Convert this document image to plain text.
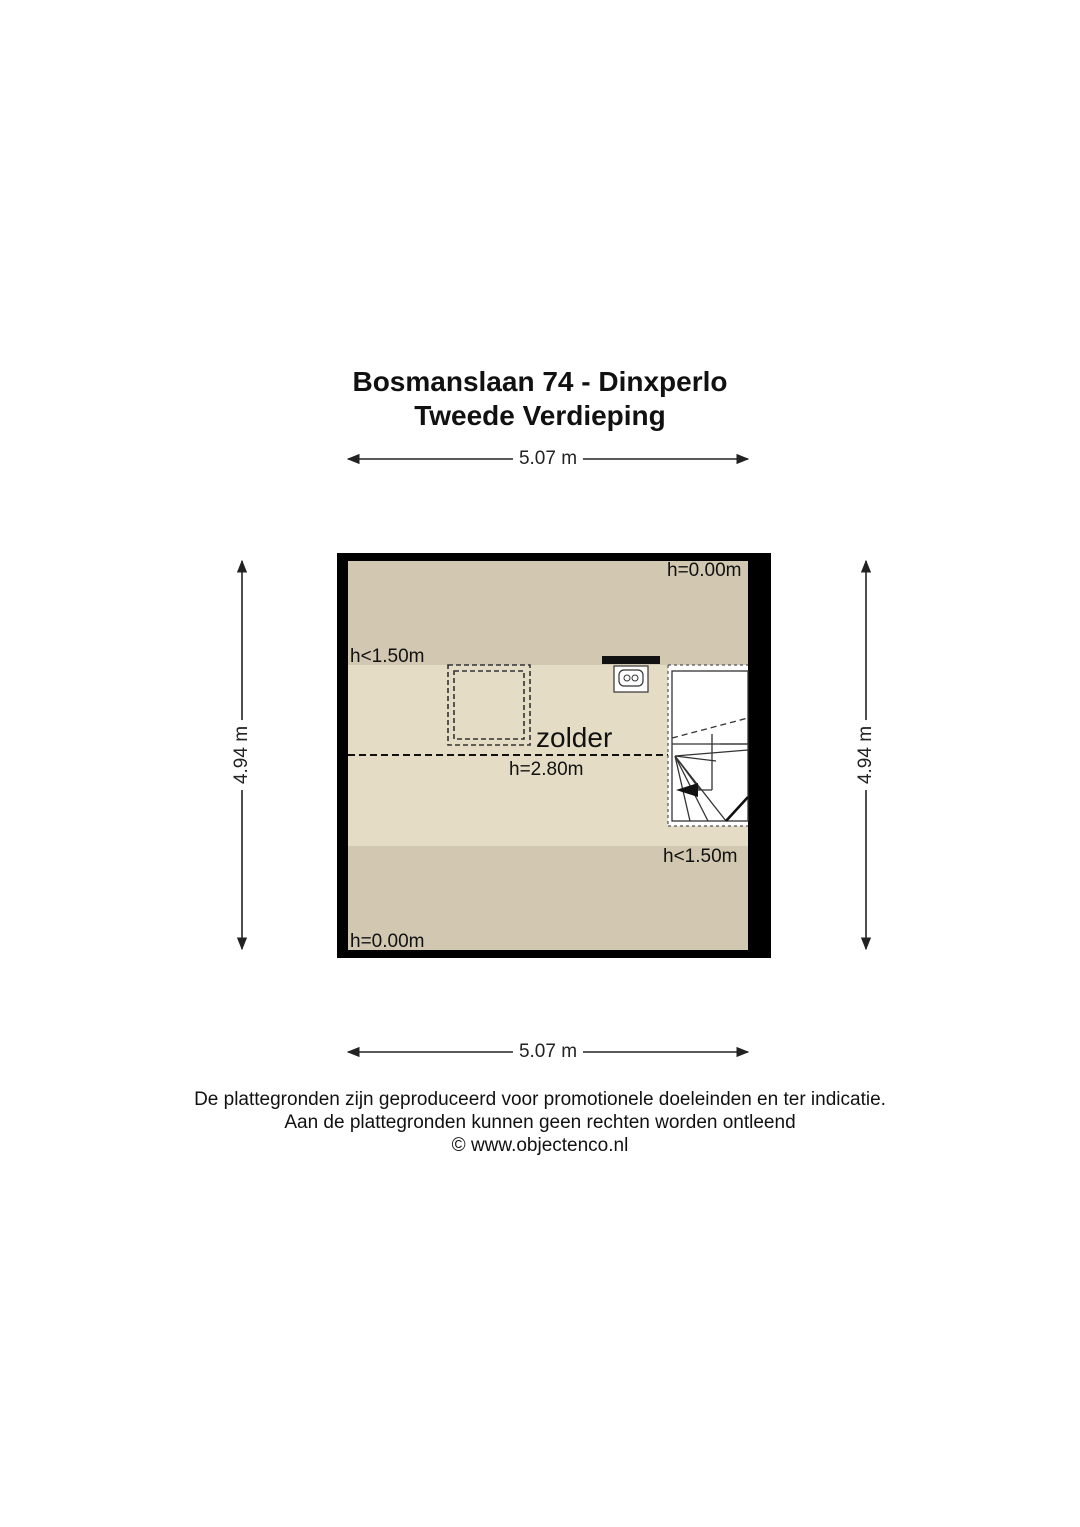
Bosmanslaan 74 - Dinxperlo
Tweede Verdieping
5.07 m
5.07 m
4.94 m	4.94 m
h=0.00m
h<1.50m
h<1.50m
h=0.00m
zolder
h=2.80m
De plattegronden zijn geproduceerd voor promotionele doeleinden en ter indicatie.
Aan de plattegronden kunnen geen rechten worden ontleend
© www.objectenco.nl
